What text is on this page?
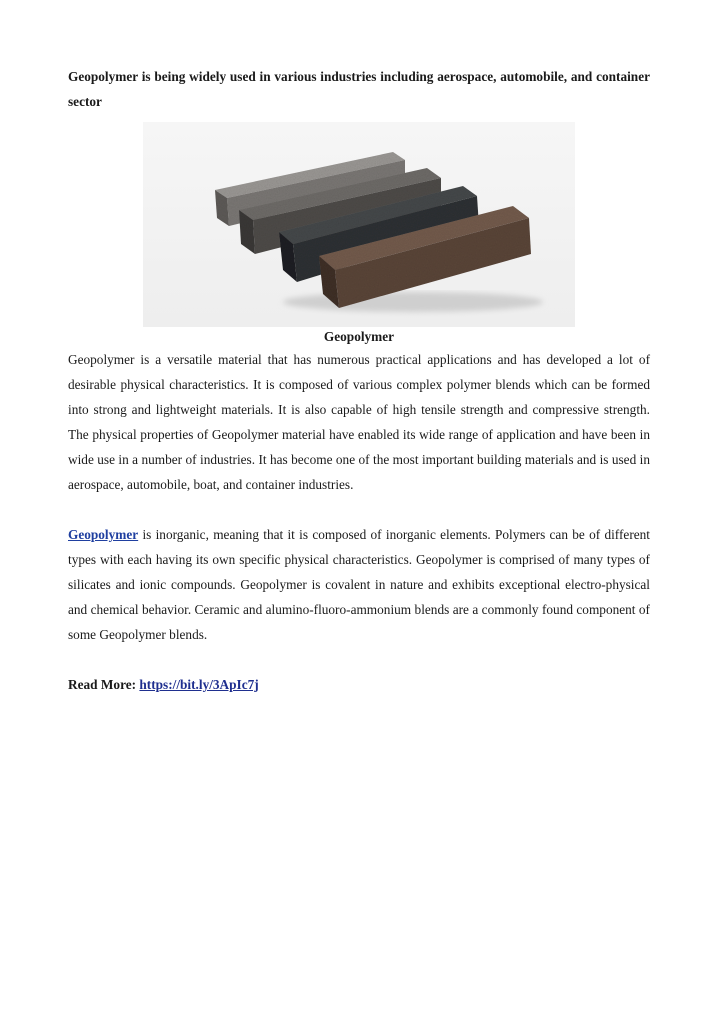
Geopolymer is being widely used in various industries including aerospace, automobile, and container sector

Geopolymer

Geopolymer is a versatile material that has numerous practical applications and has developed a lot of desirable physical characteristics. It is composed of various complex polymer blends which can be formed into strong and lightweight materials. It is also capable of high tensile strength and compressive strength. The physical properties of Geopolymer material have enabled its wide range of application and have been in wide use in a number of industries. It has become one of the most important building materials and is used in aerospace, automobile, boat, and container industries.

Geopolymer is inorganic, meaning that it is composed of inorganic elements. Polymers can be of different types with each having its own specific physical characteristics. Geopolymer is comprised of many types of silicates and ionic compounds. Geopolymer is covalent in nature and exhibits exceptional electro-physical and chemical behavior. Ceramic and alumino-fluoro-ammonium blends are a commonly found component of some Geopolymer blends.

Read More: https://bit.ly/3ApIc7j
